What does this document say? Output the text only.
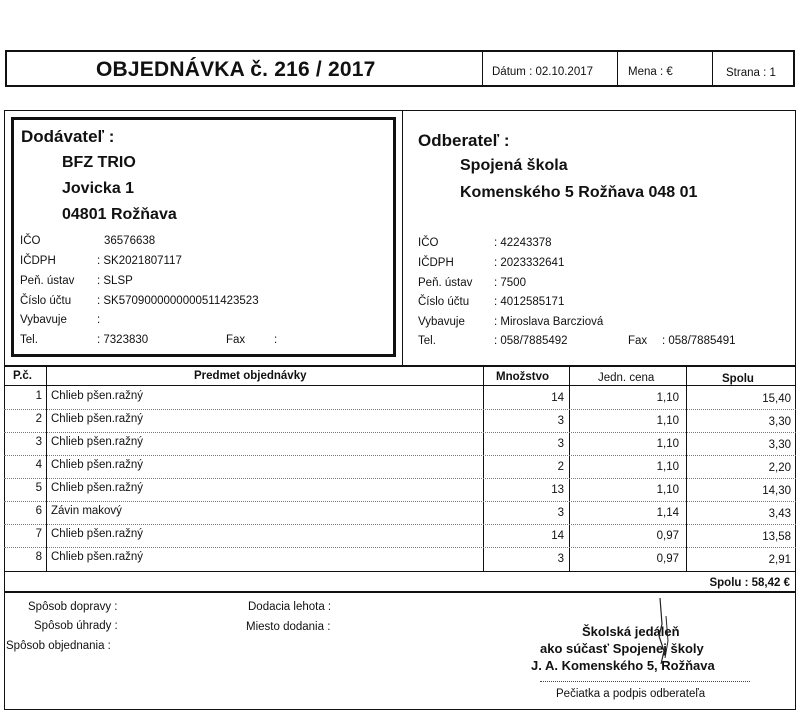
OBJEDNÁVKA č. 216 / 2017	Dátum : 02.10.2017	Mena : €	Strana : 1
Dodávateľ :
BFZ TRIO
Jovicka 1
04801 Rožňava
IČO	36576638
IČDPH	: SK2021807117
Peň. ústav : SLSP
Číslo účtu : SK5709000000000511423523
Vybavuje	:
Tel.	: 7323830	Fax	:
Odberateľ :
Spojená škola
Komenského 5 Rožňava 048 01
IČO	: 42243378
IČDPH	: 2023332641
Peň. ústav : 7500
Číslo účtu : 4012585171
Vybavuje	: Miroslava Barcziová
Tel.	: 058/7885492	Fax : 058/7885491
P.č.	Predmet objednávky	Množstvo	Jedn. cena	Spolu
1 Chlieb pšen.ražný	14	1,10	15,40
2 Chlieb pšen.ražný	3	1,10	3,30
3 Chlieb pšen.ražný	3	1,10	3,30
4 Chlieb pšen.ražný	2	1,10	2,20
5 Chlieb pšen.ražný	13	1,10	14,30
6 Závin makový	3	1,14	3,43
7 Chlieb pšen.ražný	14	0,97	13,58
8 Chlieb pšen.ražný	3	0,97	2,91
Spolu : 58,42 €
Spôsob dopravy :
Spôsob úhrady :
Spôsob objednania :
Dodacia lehota :
Miesto dodania :	Školská jedáleň
ako súčasť Spojenej školy
J. A. Komenského 5, Rožňava
Pečiatka a podpis odberateľa
